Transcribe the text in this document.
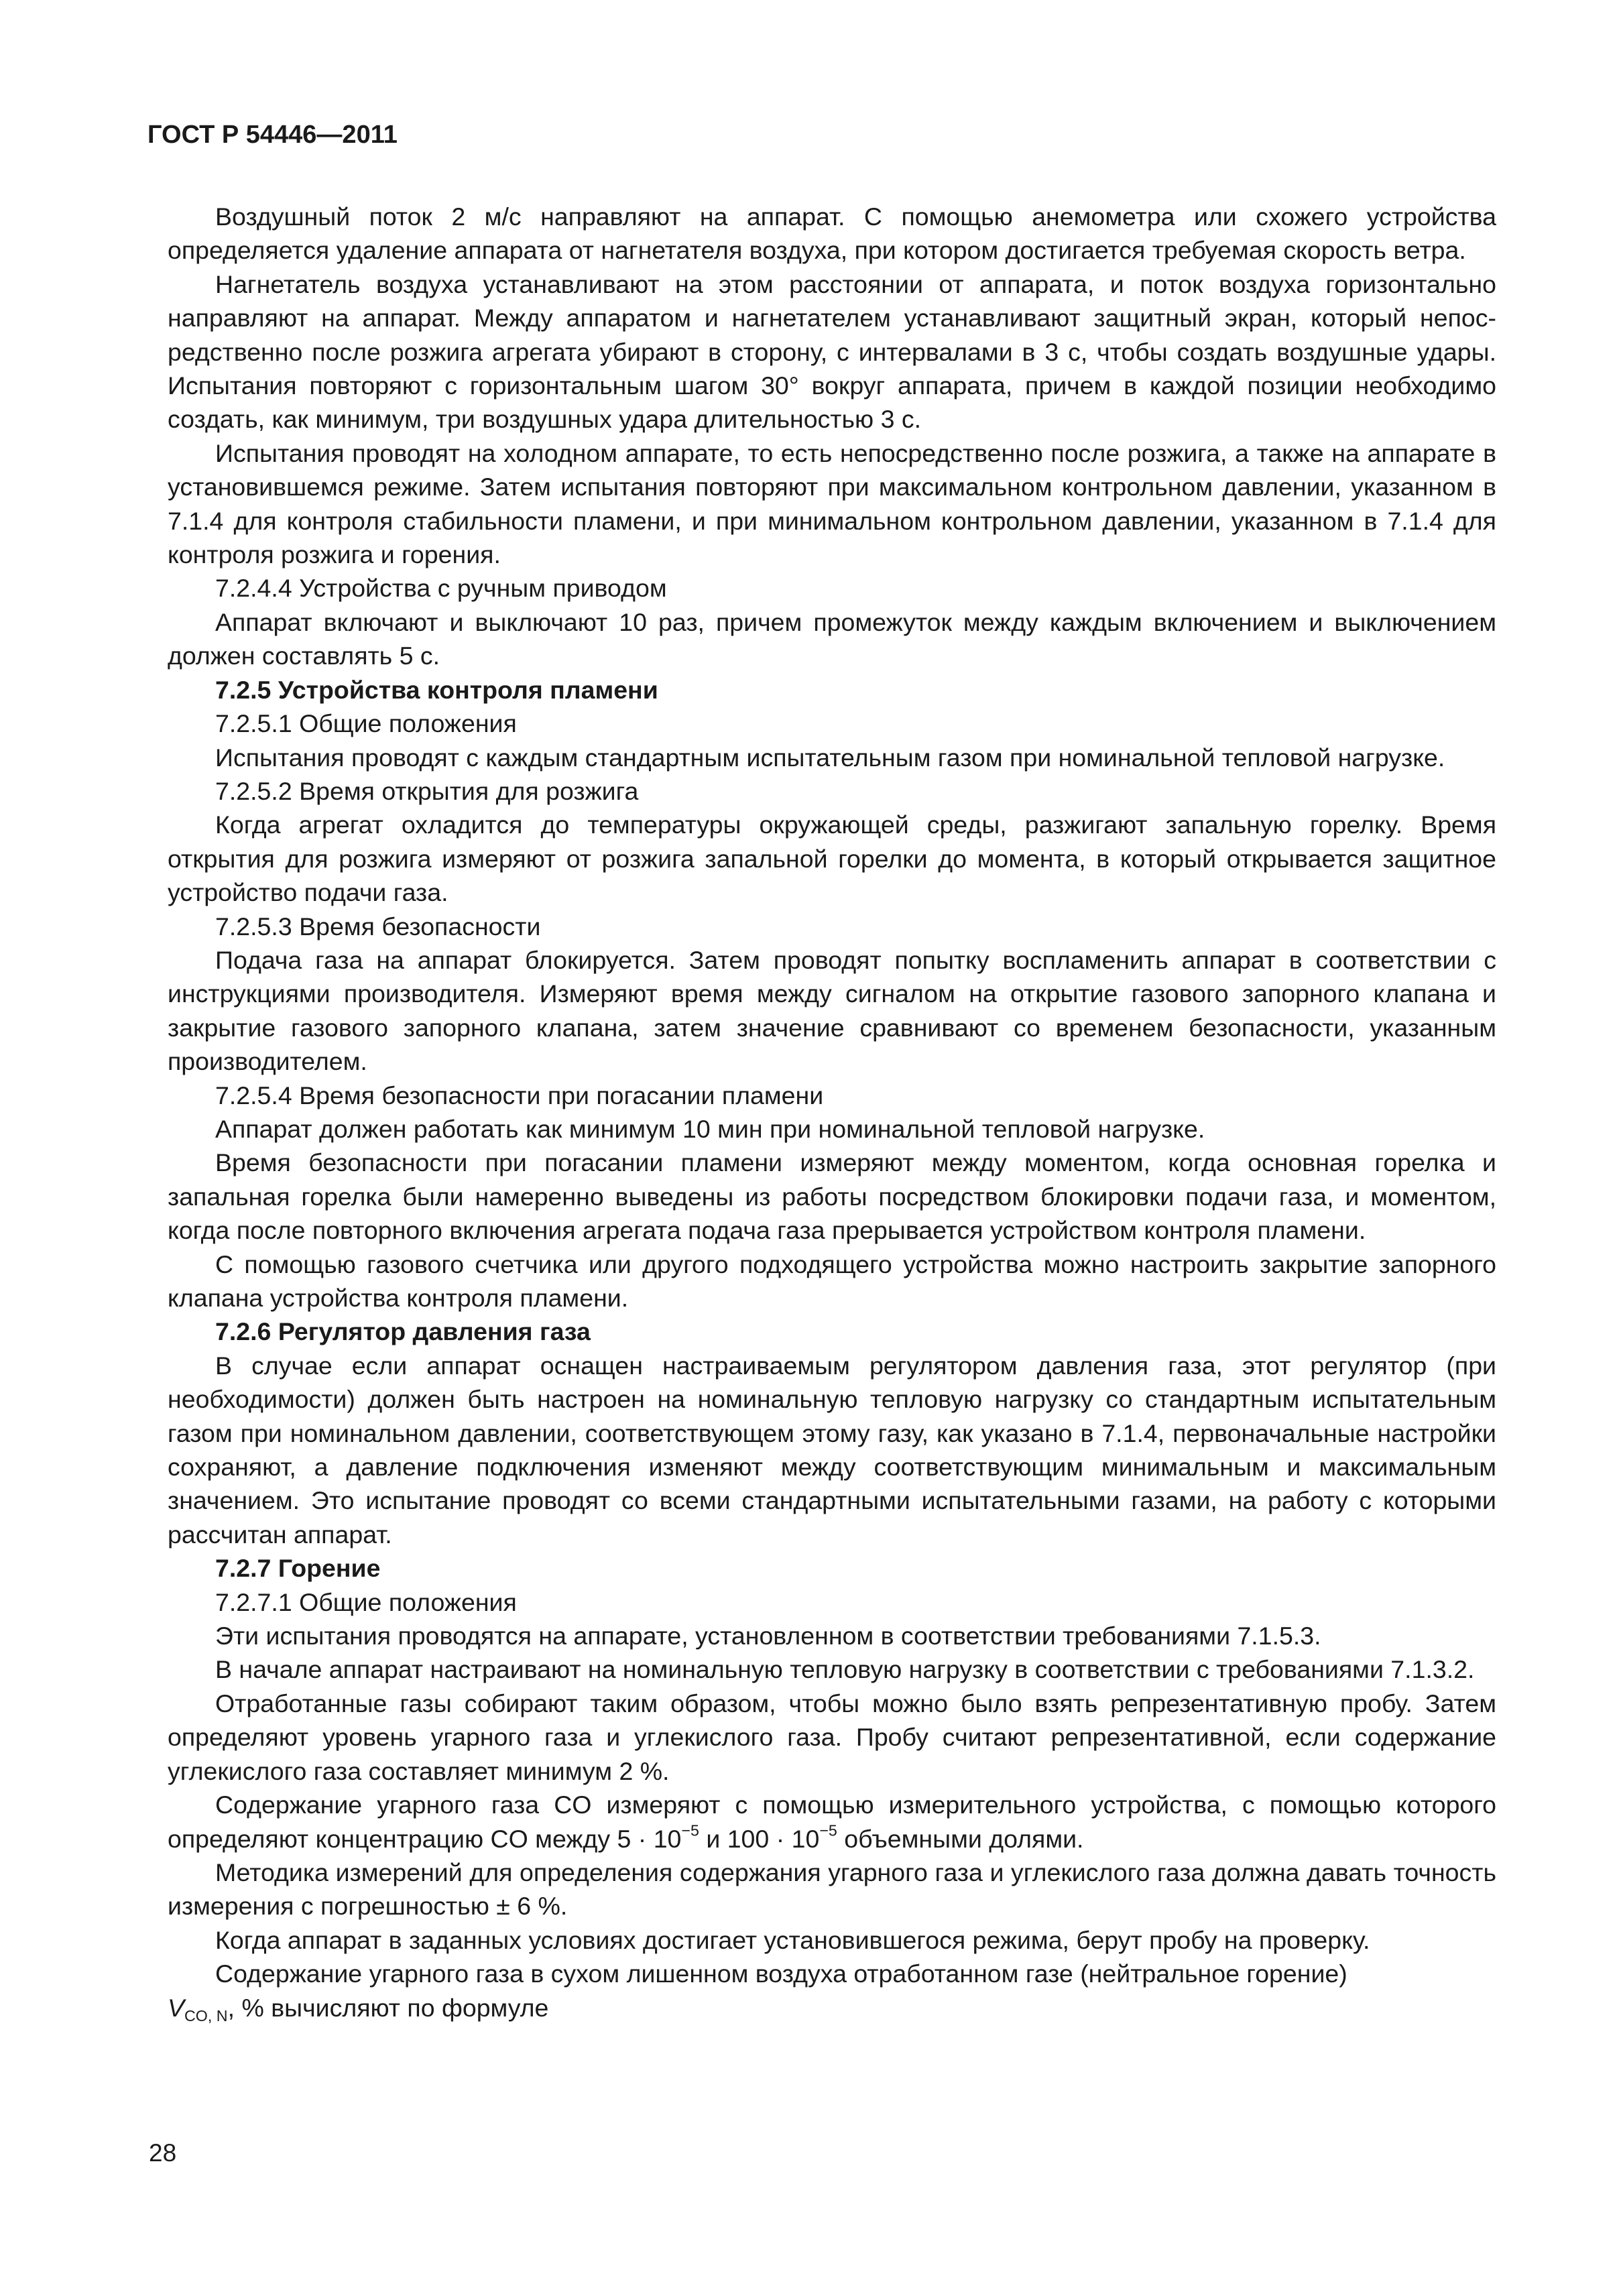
ГОСТ Р 54446—2011

Воздушный поток 2 м/с направляют на аппарат. С помощью анемометра или схожего устройства определяется удаление аппарата от нагнетателя воздуха, при котором достигается требуемая скорость ветра.

Нагнетатель воздуха устанавливают на этом расстоянии от аппарата, и поток воздуха горизонтально направляют на аппарат. Между аппаратом и нагнетателем устанавливают защитный экран, который непосредственно после розжига агрегата убирают в сторону, с интервалами в 3 с, чтобы создать воздушные удары. Испытания повторяют с горизонтальным шагом 30° вокруг аппарата, причем в каждой позиции необходимо создать, как минимум, три воздушных удара длительностью 3 с.

Испытания проводят на холодном аппарате, то есть непосредственно после розжига, а также на аппарате в установившемся режиме. Затем испытания повторяют при максимальном контрольном давлении, указанном в 7.1.4 для контроля стабильности пламени, и при минимальном контрольном давлении, указанном в 7.1.4 для контроля розжига и горения.

7.2.4.4 Устройства с ручным приводом

Аппарат включают и выключают 10 раз, причем промежуток между каждым включением и выключением должен составлять 5 с.

7.2.5 Устройства контроля пламени

7.2.5.1 Общие положения

Испытания проводят с каждым стандартным испытательным газом при номинальной тепловой нагрузке.

7.2.5.2 Время открытия для розжига

Когда агрегат охладится до температуры окружающей среды, разжигают запальную горелку. Время открытия для розжига измеряют от розжига запальной горелки до момента, в который открывается защитное устройство подачи газа.

7.2.5.3 Время безопасности

Подача газа на аппарат блокируется. Затем проводят попытку воспламенить аппарат в соответствии с инструкциями производителя. Измеряют время между сигналом на открытие газового запорного клапана и закрытие газового запорного клапана, затем значение сравнивают со временем безопасности, указанным производителем.

7.2.5.4 Время безопасности при погасании пламени

Аппарат должен работать как минимум 10 мин при номинальной тепловой нагрузке.

Время безопасности при погасании пламени измеряют между моментом, когда основная горелка и запальная горелка были намеренно выведены из работы посредством блокировки подачи газа, и моментом, когда после повторного включения агрегата подача газа прерывается устройством контроля пламени.

С помощью газового счетчика или другого подходящего устройства можно настроить закрытие запорного клапана устройства контроля пламени.

7.2.6 Регулятор давления газа

В случае если аппарат оснащен настраиваемым регулятором давления газа, этот регулятор (при необходимости) должен быть настроен на номинальную тепловую нагрузку со стандартным испытательным газом при номинальном давлении, соответствующем этому газу, как указано в 7.1.4, первоначальные настройки сохраняют, а давление подключения изменяют между соответствующим минимальным и максимальным значением. Это испытание проводят со всеми стандартными испытательными газами, на работу с которыми рассчитан аппарат.

7.2.7 Горение

7.2.7.1 Общие положения

Эти испытания проводятся на аппарате, установленном в соответствии требованиями 7.1.5.3.

В начале аппарат настраивают на номинальную тепловую нагрузку в соответствии с требованиями 7.1.3.2.

Отработанные газы собирают таким образом, чтобы можно было взять репрезентативную пробу. Затем определяют уровень угарного газа и углекислого газа. Пробу считают репрезентативной, если содержание углекислого газа составляет минимум 2 %.

Содержание угарного газа CO измеряют с помощью измерительного устройства, с помощью которого определяют концентрацию CO между $5 \cdot 10^{-5}$ и $100 \cdot 10^{-5}$ объемными долями.

Методика измерений для определения содержания угарного газа и углекислого газа должна давать точность измерения с погрешностью ± 6 %.

Когда аппарат в заданных условиях достигает установившегося режима, берут пробу на проверку.

Содержание угарного газа в сухом лишенном воздуха отработанном газе (нейтральное горение)

$V_{CO, N}$, % вычисляют по формуле

28
